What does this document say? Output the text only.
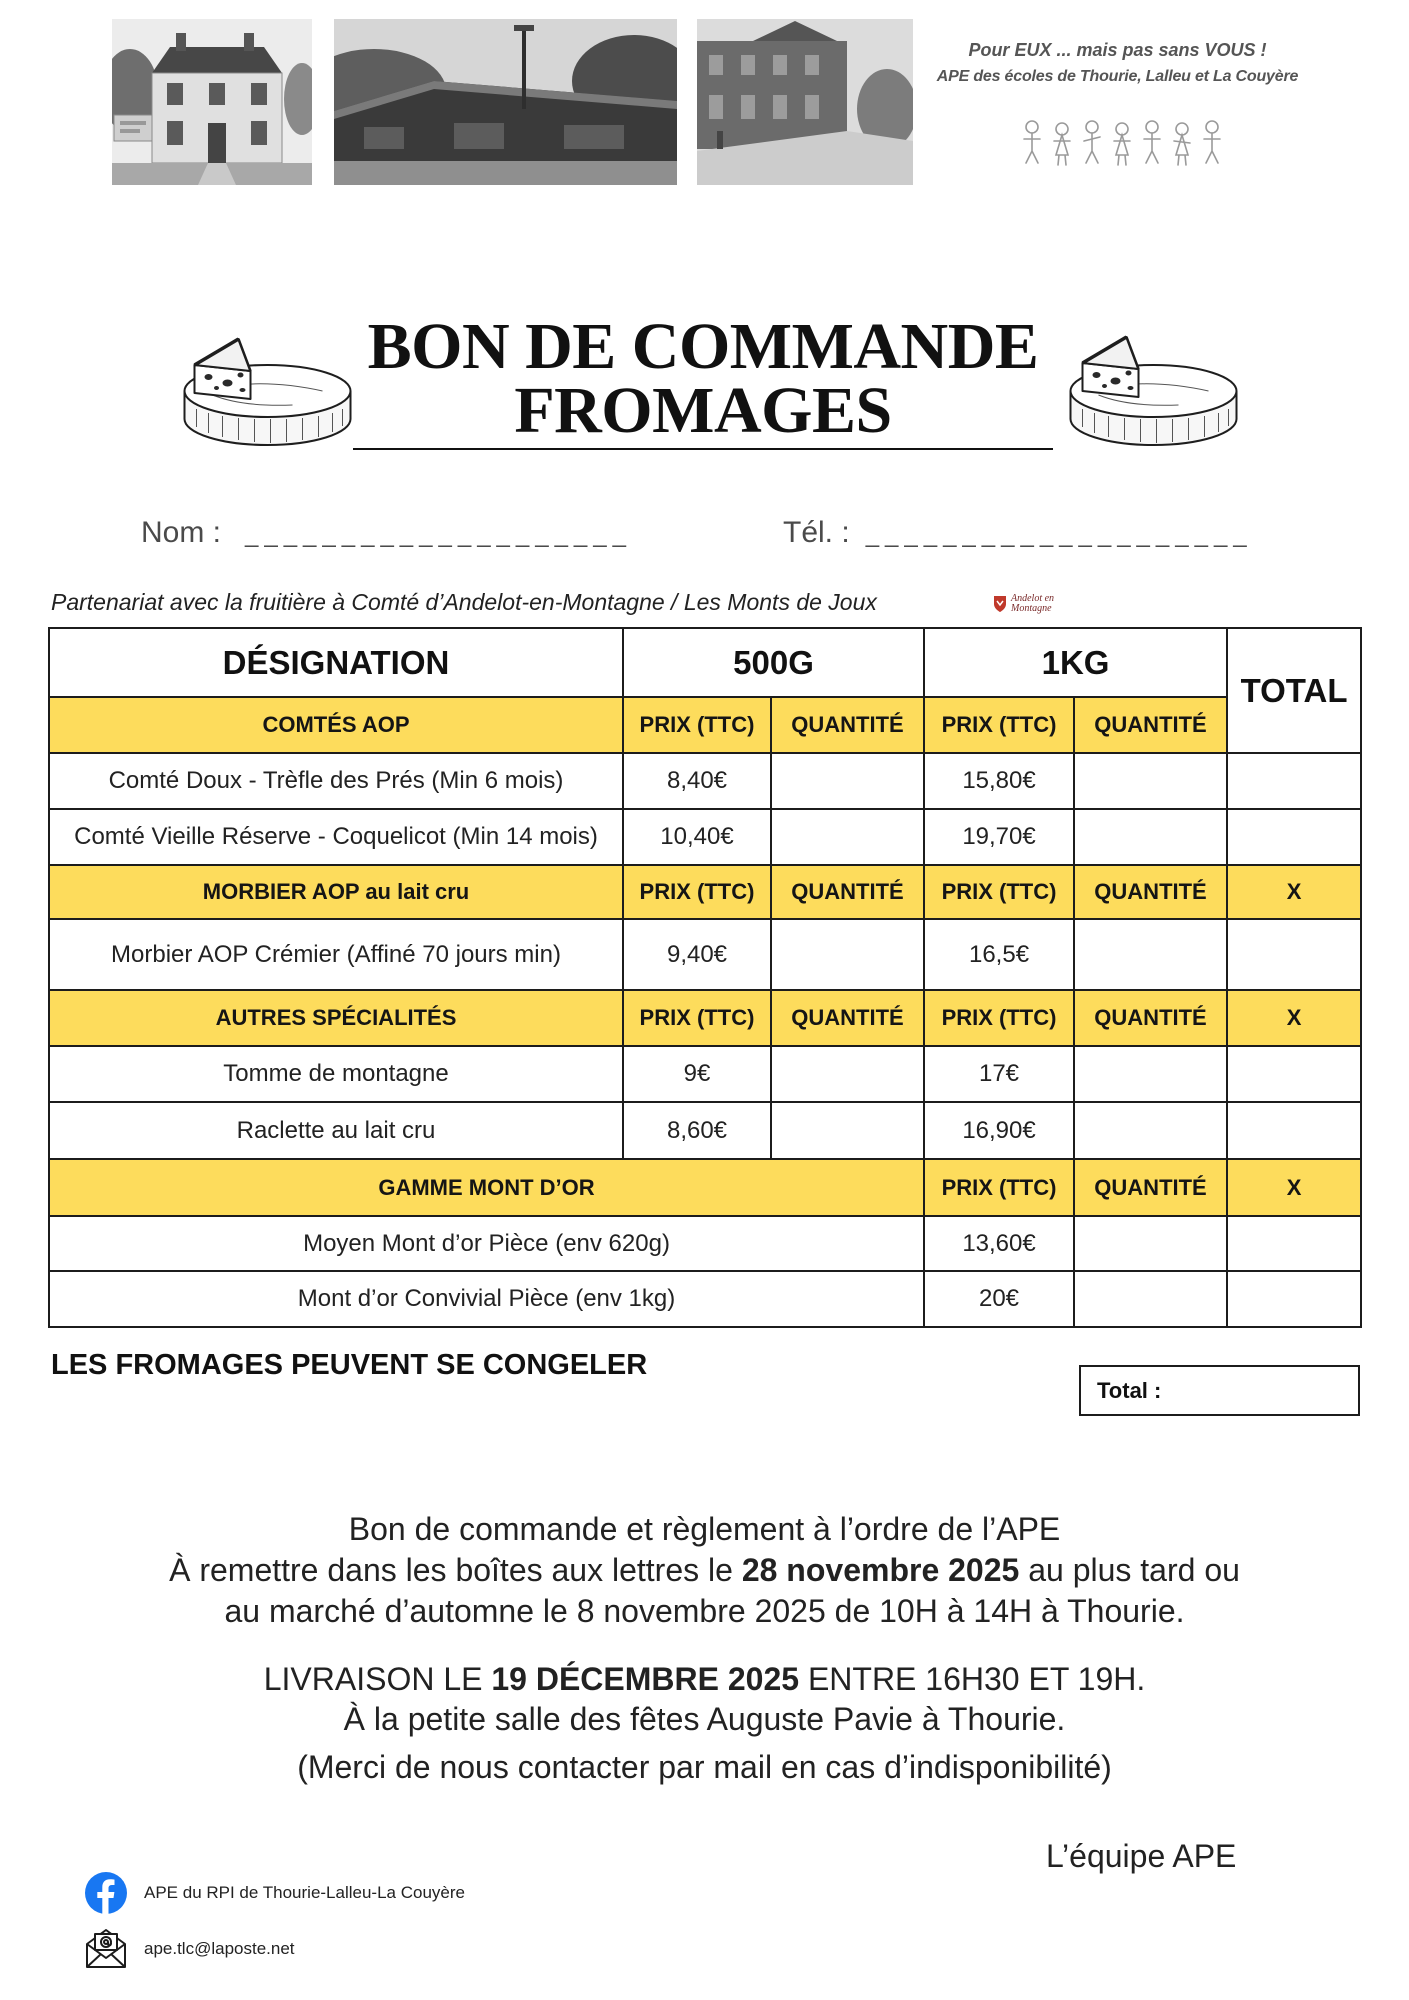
Pour EUX ... mais pas sans VOUS !
APE des écoles de Thourie, Lalleu et La Couyère
BON DE COMMANDE
FROMAGES
Nom : ____________________	Tél. : ____________________
Partenariat avec la fruitière à Comté d’Andelot-en-Montagne / Les Monts de Joux	Andelot en Montagne
DÉSIGNATION	500G		1KG		TOTAL
COMTÉS AOP	PRIX (TTC)	QUANTITÉ	PRIX (TTC)	QUANTITÉ	
Comté Doux - Trèfle des Prés (Min 6 mois)	8,40€		15,80€		
Comté Vieille Réserve - Coquelicot (Min 14 mois)	10,40€		19,70€		
MORBIER AOP au lait cru	PRIX (TTC)	QUANTITÉ	PRIX (TTC)	QUANTITÉ	X
Morbier AOP Crémier (Affiné 70 jours min)	9,40€		16,5€		
AUTRES SPÉCIALITÉS	PRIX (TTC)	QUANTITÉ	PRIX (TTC)	QUANTITÉ	X
Tomme de montagne	9€		17€		
Raclette au lait cru	8,60€		16,90€		
GAMME MONT D’OR			PRIX (TTC)	QUANTITÉ	X
Moyen Mont d’or Pièce (env 620g)			13,60€		
Mont d’or Convivial Pièce (env 1kg)			20€		
LES FROMAGES PEUVENT SE CONGELER
Total :
Bon de commande et règlement à l’ordre de l’APE
À remettre dans les boîtes aux lettres le 28 novembre 2025 au plus tard ou
au marché d’automne le 8 novembre 2025 de 10H à 14H à Thourie.
LIVRAISON LE 19 DÉCEMBRE 2025 ENTRE 16H30 ET 19H.
À la petite salle des fêtes Auguste Pavie à Thourie.
(Merci de nous contacter par mail en cas d’indisponibilité)
L’équipe APE
APE du RPI de Thourie-Lalleu-La Couyère
ape.tlc@laposte.net
